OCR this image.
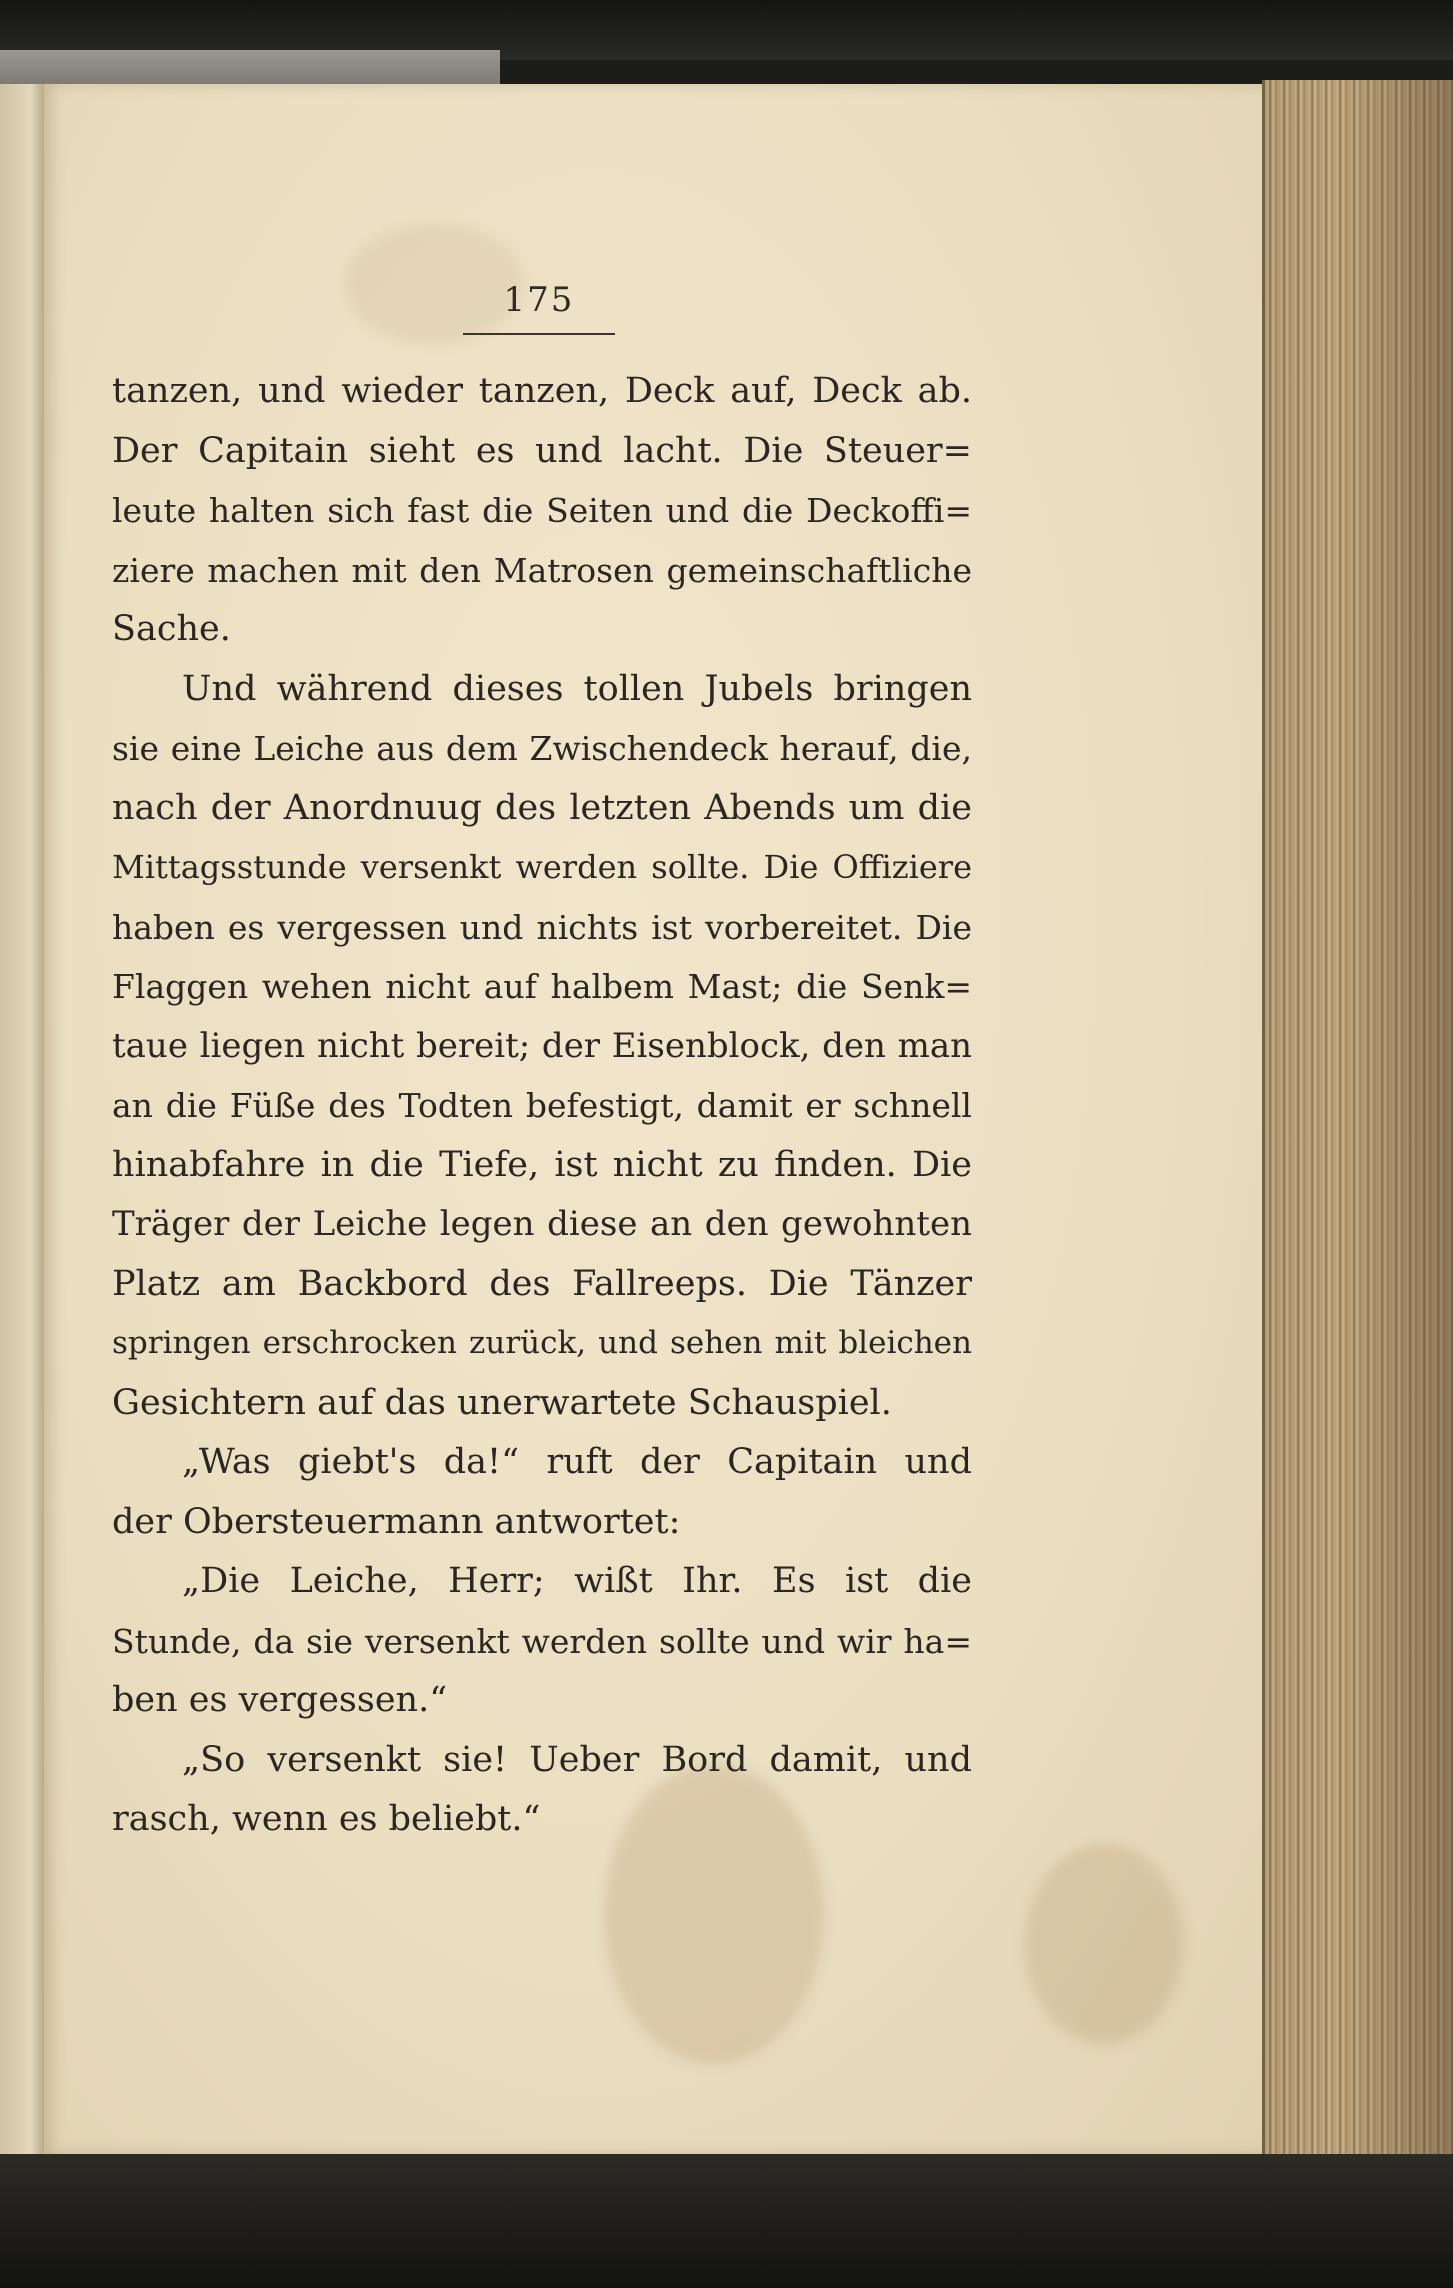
175
tanzen, und wieder tanzen, Deck auf, Deck ab.
Der Capitain sieht es und lacht. Die Steuer=
leute halten sich fast die Seiten und die Deckoffi=
ziere machen mit den Matrosen gemeinschaftliche
Sache.
Und während dieses tollen Jubels bringen
sie eine Leiche aus dem Zwischendeck herauf, die,
nach der Anordnuug des letzten Abends um die
Mittagsstunde versenkt werden sollte. Die Offiziere
haben es vergessen und nichts ist vorbereitet. Die
Flaggen wehen nicht auf halbem Mast; die Senk=
taue liegen nicht bereit; der Eisenblock, den man
an die Füße des Todten befestigt, damit er schnell
hinabfahre in die Tiefe, ist nicht zu finden. Die
Träger der Leiche legen diese an den gewohnten
Platz am Backbord des Fallreeps. Die Tänzer
springen erschrocken zurück, und sehen mit bleichen
Gesichtern auf das unerwartete Schauspiel.
„Was giebt's da!“ ruft der Capitain und
der Obersteuermann antwortet:
„Die Leiche, Herr; wißt Ihr. Es ist die
Stunde, da sie versenkt werden sollte und wir ha=
ben es vergessen.“
„So versenkt sie! Ueber Bord damit, und
rasch, wenn es beliebt.“
